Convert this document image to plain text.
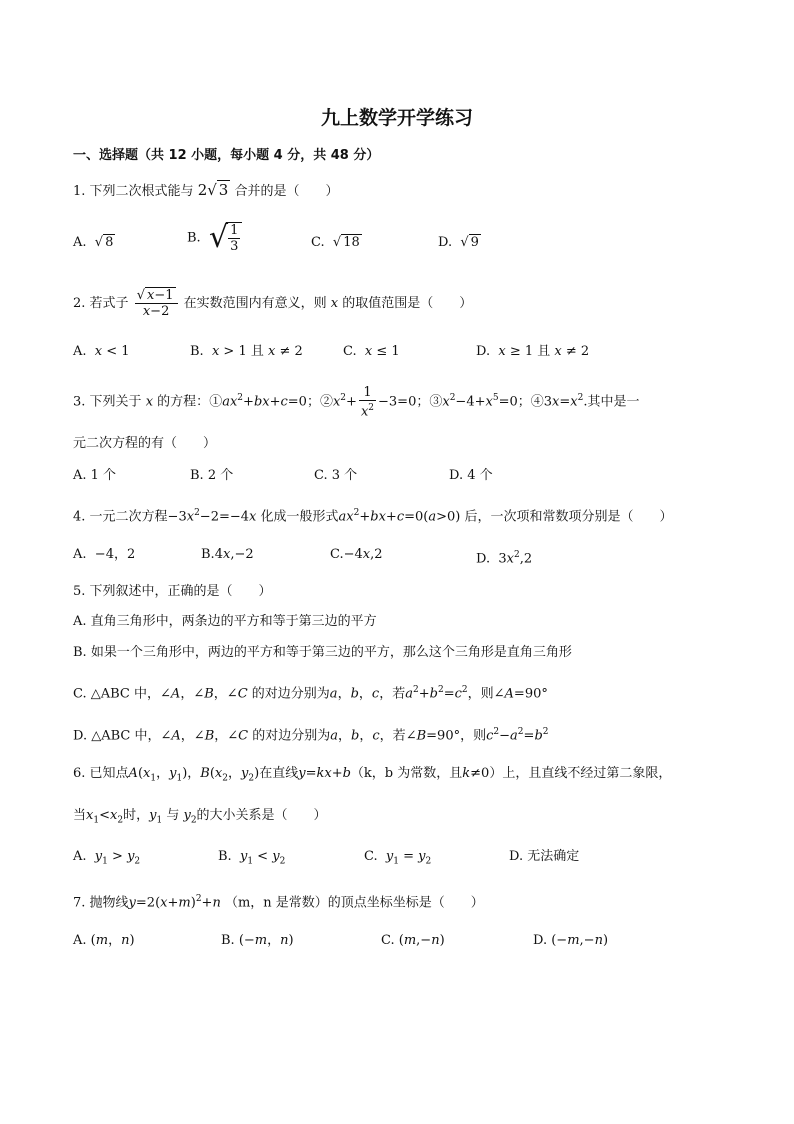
九上数学开学练习
一、选择题（共 12 小题，每小题 4 分，共 48 分）
1. 下列二次根式能与 2√ 3 合并的是（　　）
A. √ 8	B. √ $\frac{1}{3}$	C. √ 18	D. √ 9
2. 若式子 $\frac{√ x-1}{x-2}$ 在实数范围内有意义，则 x 的取值范围是（　　）
A. x < 1	B. x > 1 且 x ≠ 2	C. x ≤ 1	D. x ≥ 1 且 x ≠ 2
3. 下列关于 x 的方程：$①ax^2+bx+c=0$；$②x^2+ \frac{1}{x^2} -3=0$；$③x^2-4+x^5=0$；$④3x=x^2$.其中是一
元二次方程的有（　　）
A. 1 个	B. 2 个	C. 3 个	D. 4 个
4. 一元二次方程$-3x^2-2=-4x$ 化成一般形式$ax^2+bx+c=0(a>0)$ 后，一次项和常数项分别是（　　）
A.  −4，2	B.4x,−2	C.−4x,2	D.  $3x^2,2$
5. 下列叙述中，正确的是（　　）
A. 直角三角形中，两条边的平方和等于第三边的平方
B. 如果一个三角形中，两边的平方和等于第三边的平方，那么这个三角形是直角三角形
C. △ABC 中，∠A，∠B，∠C 的对边分别为a，b，c，若$a^2+b^2=c^2$，则∠A=90°
D. △ABC 中，∠A，∠B，∠C 的对边分别为a，b，c，若∠B=90°，则$c^2-a^2=b^2$
6. 已知点$A(x_1$，$y_1$)，$B(x_2$，$y_2$)在直线y=kx+b（k，b 为常数，且k≠0）上，且直线不经过第二象限，
当$x_1<x_2$时，$y_1$ 与 $y_2$的大小关系是（　　）
A. $y_1 > y_2$	B. $y_1 < y_2$	C. $y_1 = y_2$	D. 无法确定
7. 抛物线$y=2(x+m)^2+n$ （m，n 是常数）的顶点坐标坐标是（　　）
A. (m，n)	B. (−m，n)	C. (m,−n)	D. (−m,−n)
